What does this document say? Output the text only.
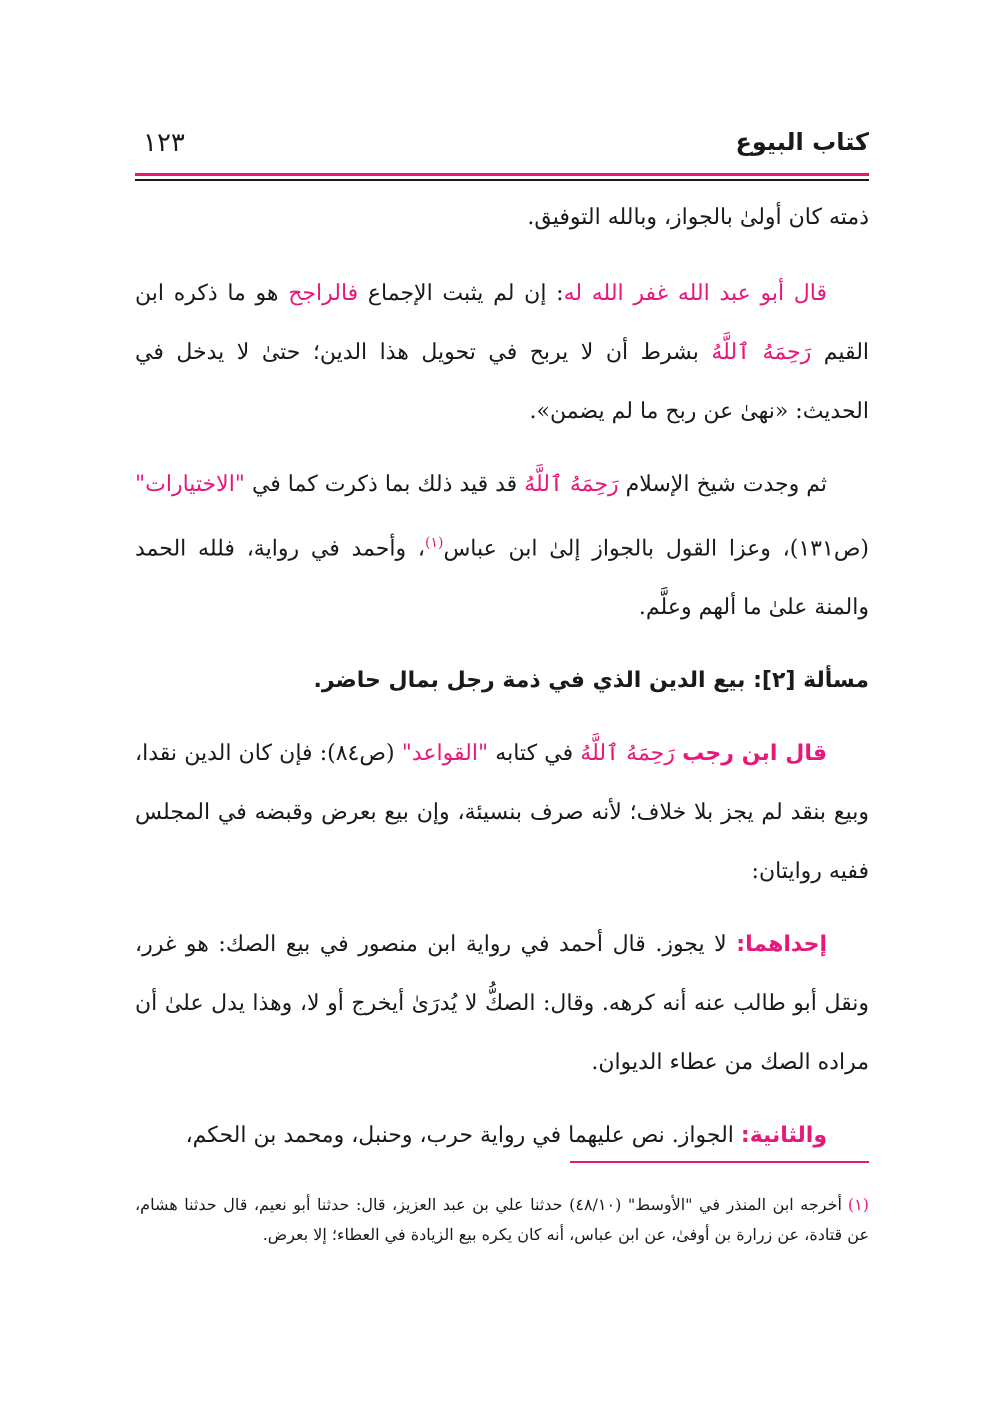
١٢٣	كتاب البيوع

ذمته كان أولىٰ بالجواز، وبالله التوفيق.

قال أبو عبد الله غفر الله له: إن لم يثبت الإجماع فالراجح هو ما ذكره ابن القيم رَحِمَهُ ٱللَّهُ بشرط أن لا يربح في تحويل هذا الدين؛ حتىٰ لا يدخل في الحديث: «نهىٰ عن ربح ما لم يضمن».

ثم وجدت شيخ الإسلام رَحِمَهُ ٱللَّهُ قد قيد ذلك بما ذكرت كما في "الاختيارات" (ص١٣١)، وعزا القول بالجواز إلىٰ ابن عباس$^{(١)}$، وأحمد في رواية، فلله الحمد والمنة علىٰ ما ألهم وعلَّم.

مسألة [٢]: بيع الدين الذي في ذمة رجل بمال حاضر.

قال ابن رجب رَحِمَهُ ٱللَّهُ في كتابه "القواعد" (ص٨٤): فإن كان الدين نقدا، وبيع بنقد لم يجز بلا خلاف؛ لأنه صرف بنسيئة، وإن بيع بعرض وقبضه في المجلس ففيه روايتان:

إحداهما: لا يجوز. قال أحمد في رواية ابن منصور في بيع الصك: هو غرر، ونقل أبو طالب عنه أنه كرهه. وقال: الصكُّ لا يُدرَىٰ أيخرج أو لا، وهذا يدل علىٰ أن مراده الصك من عطاء الديوان.

والثانية: الجواز. نص عليهما في رواية حرب، وحنبل، ومحمد بن الحكم،

(١)أخرجه ابن المنذر في "الأوسط" (٤٨/١٠) حدثنا علي بن عبد العزيز، قال: حدثنا أبو نعيم، قال حدثنا هشام، عن قتادة، عن زرارة بن أوفىٰ، عن ابن عباس، أنه كان يكره بيع الزيادة في العطاء؛ إلا بعرض.
